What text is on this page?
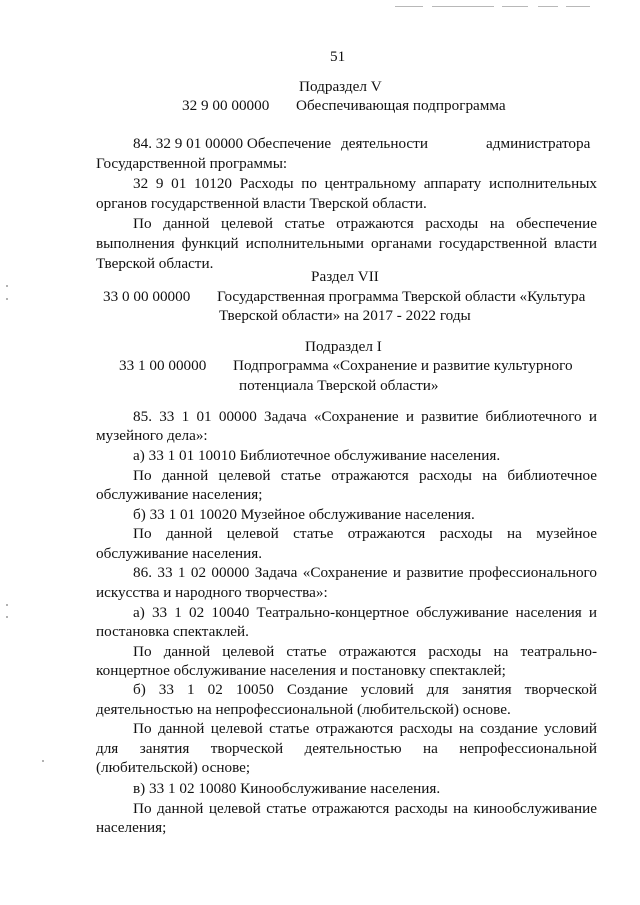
51
Подраздел V
32 9 00 00000 Обеспечивающая подпрограмма
84. 32 9 01 00000 Обеспечение деятельности	администратора
Государственной программы:
32 9 01 10120 Расходы по центральному аппарату исполнительных
органов государственной власти Тверской области.
По данной целевой статье отражаются расходы на обеспечение
выполнения функций исполнительными органами государственной власти
Тверской области.
Раздел VII
33 0 00 00000 Государственная программа Тверской области «Культура
Тверской области» на 2017 - 2022 годы
Подраздел I
33 1 00 00000 Подпрограмма «Сохранение и развитие культурного
потенциала Тверской области»
85. 33 1 01 00000 Задача «Сохранение и развитие библиотечного и
музейного дела»:
а) 33 1 01 10010 Библиотечное обслуживание населения.
По данной целевой статье отражаются расходы на библиотечное
обслуживание населения;
б) 33 1 01 10020 Музейное обслуживание населения.
По данной целевой статье отражаются расходы на музейное
обслуживание населения.
86. 33 1 02 00000 Задача «Сохранение и развитие профессионального
искусства и народного творчества»:
а) 33 1 02 10040 Театрально-концертное обслуживание населения и
постановка спектаклей.
По данной целевой статье отражаются расходы на театрально-
концертное обслуживание населения и постановку спектаклей;
б) 33 1 02 10050 Создание условий для занятия творческой
деятельностью на непрофессиональной (любительской) основе.
По данной целевой статье отражаются расходы на создание условий
для занятия творческой деятельностью на непрофессиональной
(любительской) основе;
в) 33 1 02 10080 Кинообслуживание населения.
По данной целевой статье отражаются расходы на кинообслуживание
населения;
